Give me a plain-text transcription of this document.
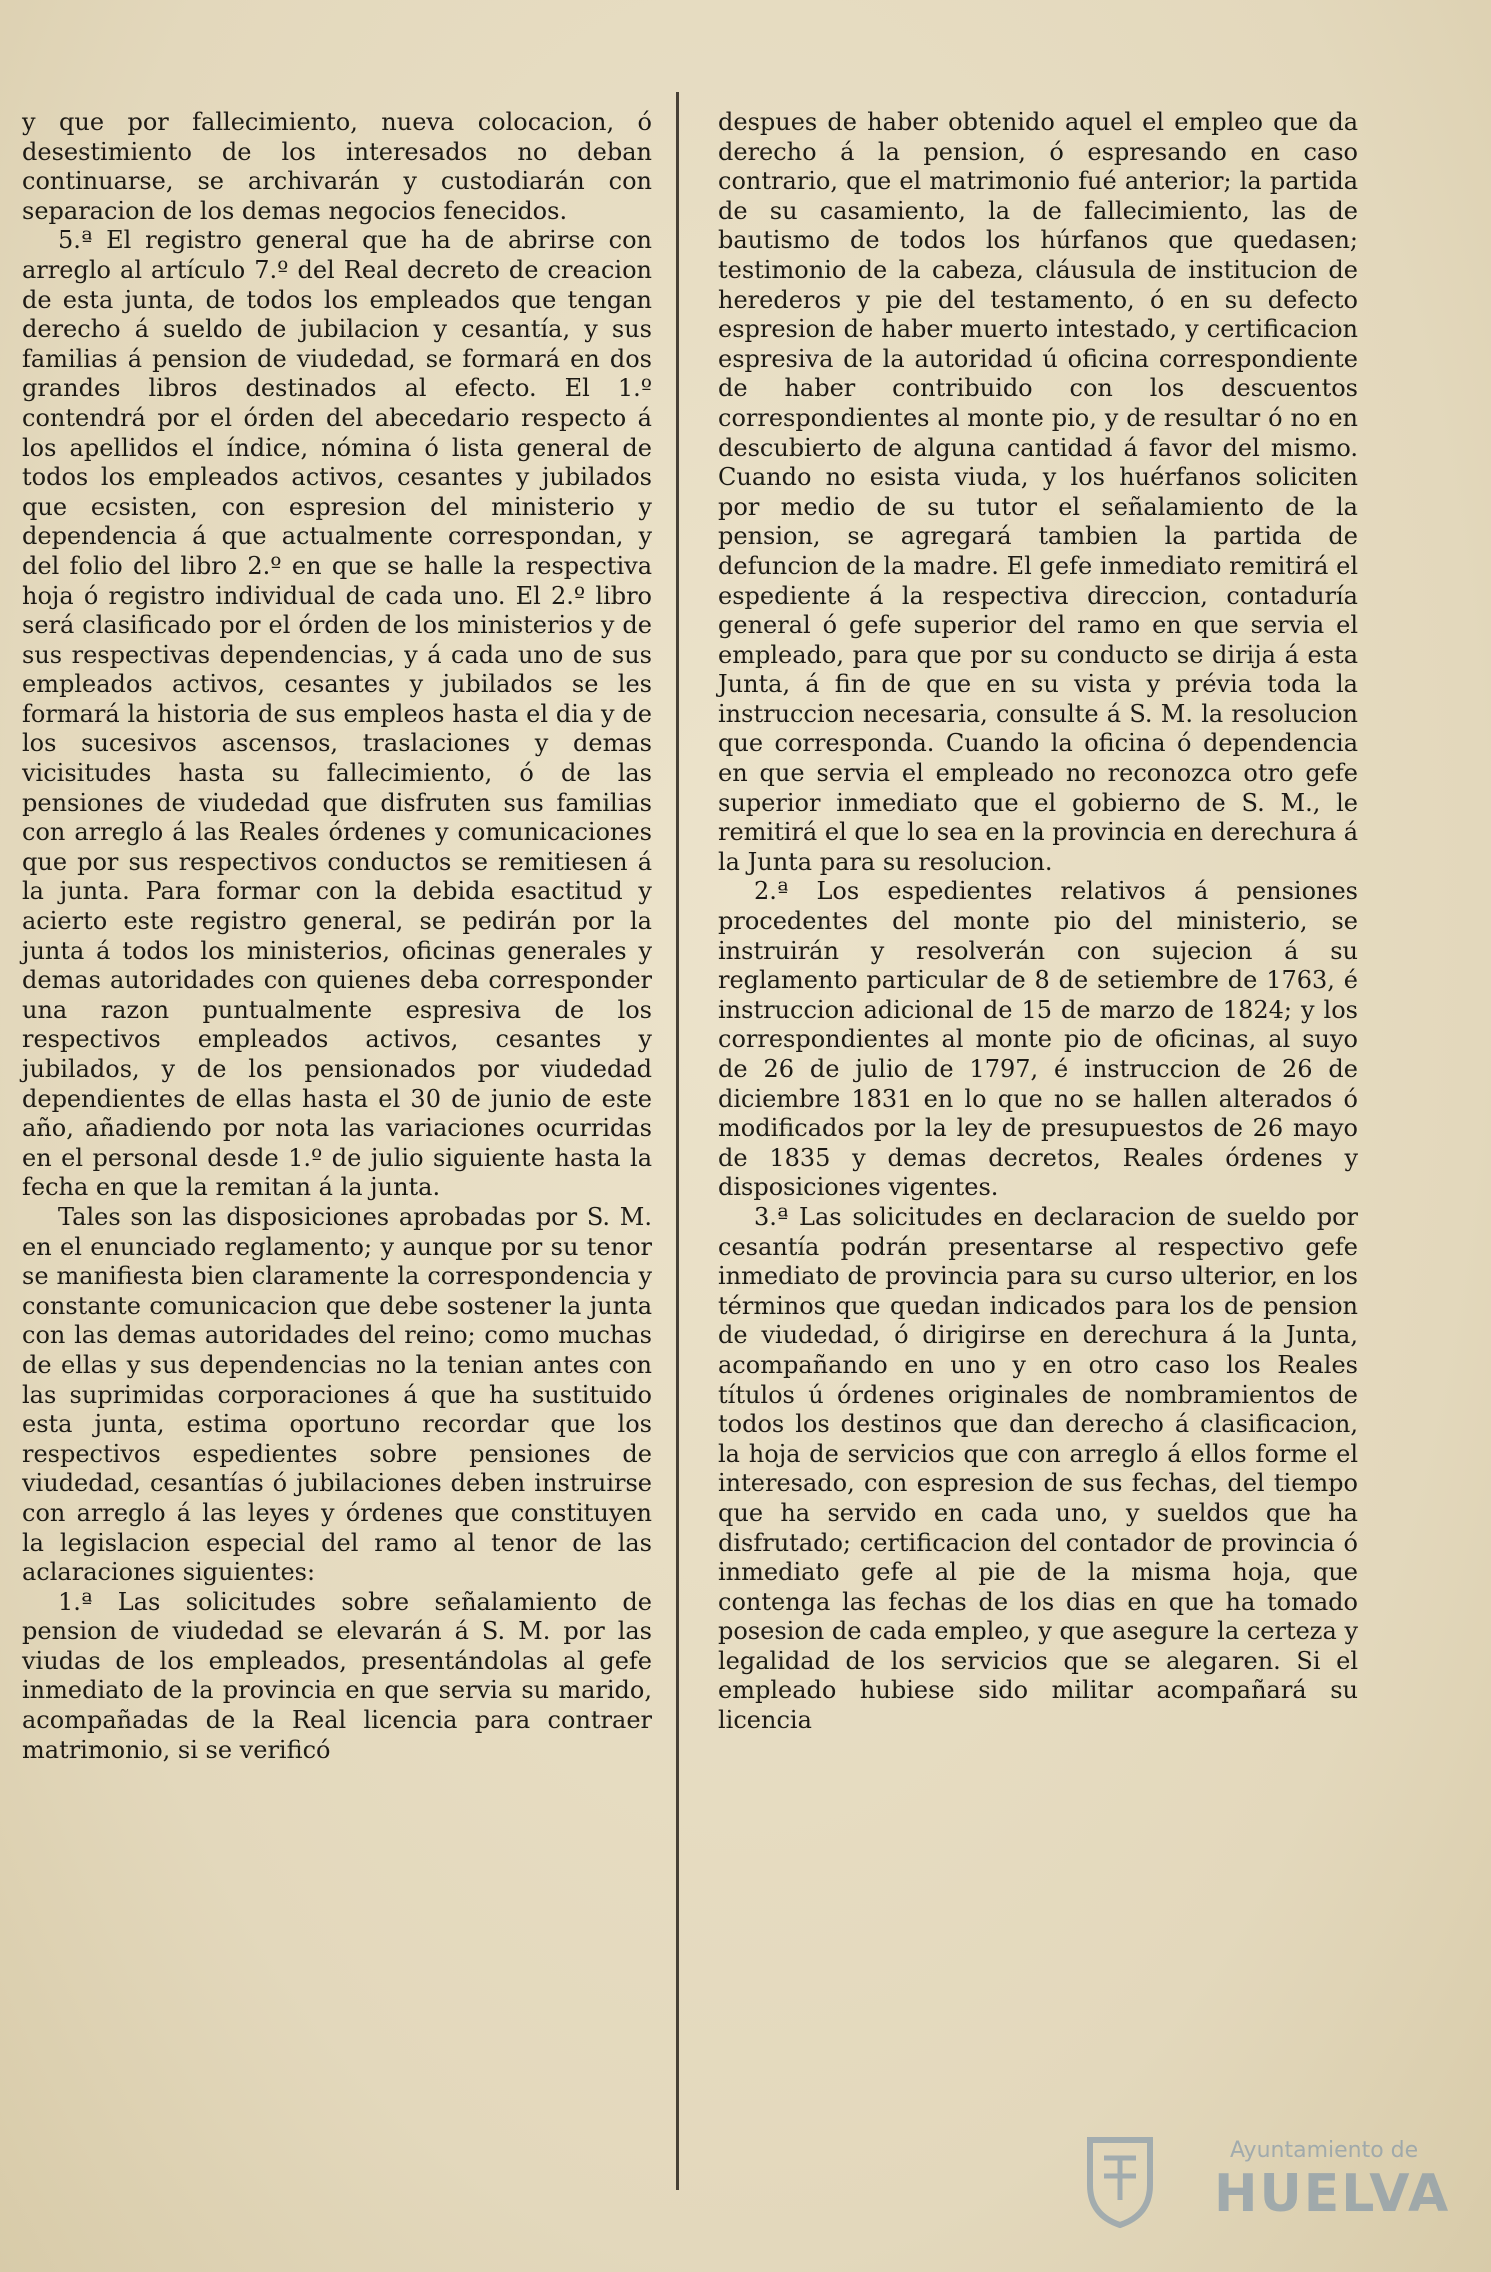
y que por fallecimiento, nueva colocacion, ó desestimiento de los interesados no deban continuarse, se archivarán y custodiarán con separacion de los demas negocios fenecidos.

5.ª El registro general que ha de abrirse con arreglo al artículo 7.º del Real decreto de creacion de esta junta, de todos los empleados que tengan derecho á sueldo de jubilacion y cesantía, y sus familias á pension de viudedad, se formará en dos grandes libros destinados al efecto. El 1.º contendrá por el órden del abecedario respecto á los apellidos el índice, nómina ó lista general de todos los empleados activos, cesantes y jubilados que ecsisten, con espresion del ministerio y dependencia á que actualmente correspondan, y del folio del libro 2.º en que se halle la respectiva hoja ó registro individual de cada uno. El 2.º libro será clasificado por el órden de los ministerios y de sus respectivas dependencias, y á cada uno de sus empleados activos, cesantes y jubilados se les formará la historia de sus empleos hasta el dia y de los sucesivos ascensos, traslaciones y demas vicisitudes hasta su fallecimiento, ó de las pensiones de viudedad que disfruten sus familias con arreglo á las Reales órdenes y comunicaciones que por sus respectivos conductos se remitiesen á la junta. Para formar con la debida esactitud y acierto este registro general, se pedirán por la junta á todos los ministerios, oficinas generales y demas autoridades con quienes deba corresponder una razon puntualmente espresiva de los respectivos empleados activos, cesantes y jubilados, y de los pensionados por viudedad dependientes de ellas hasta el 30 de junio de este año, añadiendo por nota las variaciones ocurridas en el personal desde 1.º de julio siguiente hasta la fecha en que la remitan á la junta.

Tales son las disposiciones aprobadas por S. M. en el enunciado reglamento; y aunque por su tenor se manifiesta bien claramente la correspondencia y constante comunicacion que debe sostener la junta con las demas autoridades del reino; como muchas de ellas y sus dependencias no la tenian antes con las suprimidas corporaciones á que ha sustituido esta junta, estima oportuno recordar que los respectivos espedientes sobre pensiones de viudedad, cesantías ó jubilaciones deben instruirse con arreglo á las leyes y órdenes que constituyen la legislacion especial del ramo al tenor de las aclaraciones siguientes:

1.ª Las solicitudes sobre señalamiento de pension de viudedad se elevarán á S. M. por las viudas de los empleados, presentándolas al gefe inmediato de la provincia en que servia su marido, acompañadas de la Real licencia para contraer matrimonio, si se verificó

despues de haber obtenido aquel el empleo que da derecho á la pension, ó espresando en caso contrario, que el matrimonio fué anterior; la partida de su casamiento, la de fallecimiento, las de bautismo de todos los húrfanos que quedasen; testimonio de la cabeza, cláusula de institucion de herederos y pie del testamento, ó en su defecto espresion de haber muerto intestado, y certificacion espresiva de la autoridad ú oficina correspondiente de haber contribuido con los descuentos correspondientes al monte pio, y de resultar ó no en descubierto de alguna cantidad á favor del mismo. Cuando no esista viuda, y los huérfanos soliciten por medio de su tutor el señalamiento de la pension, se agregará tambien la partida de defuncion de la madre. El gefe inmediato remitirá el espediente á la respectiva direccion, contaduría general ó gefe superior del ramo en que servia el empleado, para que por su conducto se dirija á esta Junta, á fin de que en su vista y prévia toda la instruccion necesaria, consulte á S. M. la resolucion que corresponda. Cuando la oficina ó dependencia en que servia el empleado no reconozca otro gefe superior inmediato que el gobierno de S. M., le remitirá el que lo sea en la provincia en derechura á la Junta para su resolucion.

2.ª Los espedientes relativos á pensiones procedentes del monte pio del ministerio, se instruirán y resolverán con sujecion á su reglamento particular de 8 de setiembre de 1763, é instruccion adicional de 15 de marzo de 1824; y los correspondientes al monte pio de oficinas, al suyo de 26 de julio de 1797, é instruccion de 26 de diciembre 1831 en lo que no se hallen alterados ó modificados por la ley de presupuestos de 26 mayo de 1835 y demas decretos, Reales órdenes y disposiciones vigentes.

3.ª Las solicitudes en declaracion de sueldo por cesantía podrán presentarse al respectivo gefe inmediato de provincia para su curso ulterior, en los términos que quedan indicados para los de pension de viudedad, ó dirigirse en derechura á la Junta, acompañando en uno y en otro caso los Reales títulos ú órdenes originales de nombramientos de todos los destinos que dan derecho á clasificacion, la hoja de servicios que con arreglo á ellos forme el interesado, con espresion de sus fechas, del tiempo que ha servido en cada uno, y sueldos que ha disfrutado; certificacion del contador de provincia ó inmediato gefe al pie de la misma hoja, que contenga las fechas de los dias en que ha tomado posesion de cada empleo, y que asegure la certeza y legalidad de los servicios que se alegaren. Si el empleado hubiese sido militar acompañará su licencia

Ayuntamiento de
HUELVA
